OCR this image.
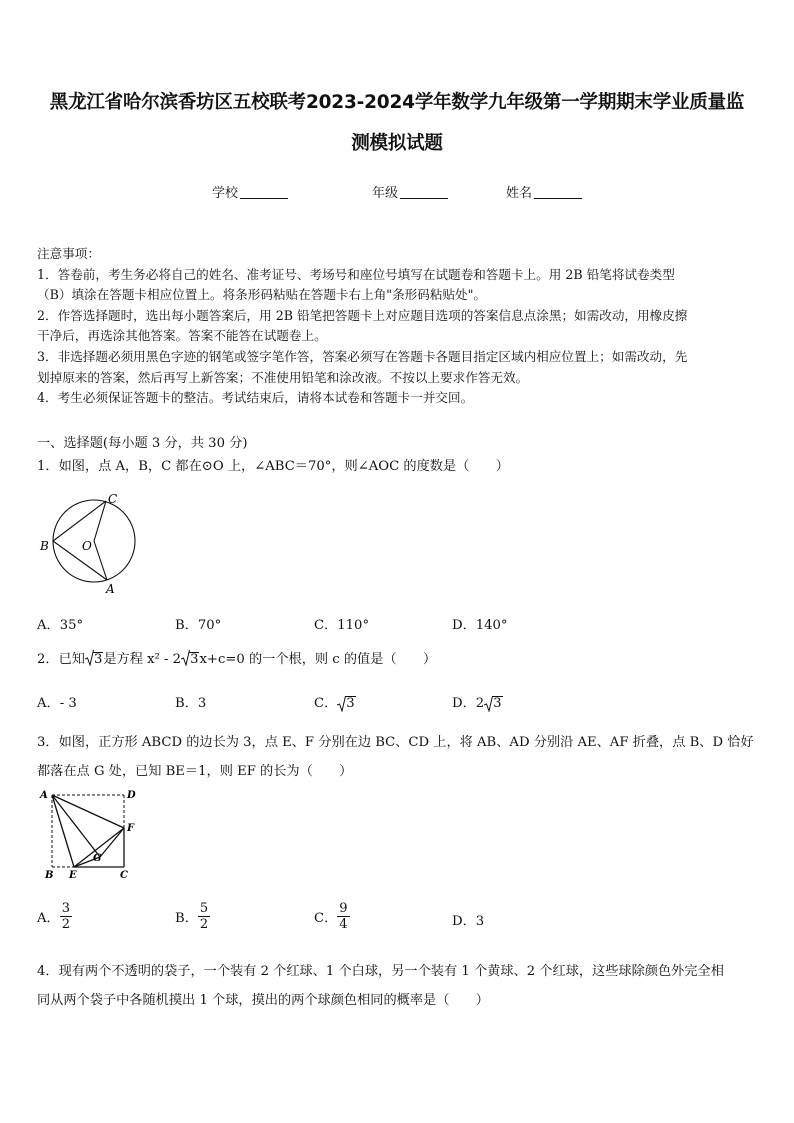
黑龙江省哈尔滨香坊区五校联考2023-2024学年数学九年级第一学期期末学业质量监
测模拟试题
学校	年级	姓名

注意事项：

1．答卷前，考生务必将自己的姓名、准考证号、考场号和座位号填写在试题卷和答题卡上。用 2B 铅笔将试卷类型

（B）填涂在答题卡相应位置上。将条形码粘贴在答题卡右上角"条形码粘贴处"。

2．作答选择题时，选出每小题答案后，用 2B 铅笔把答题卡上对应题目选项的答案信息点涂黑；如需改动，用橡皮擦

干净后，再选涂其他答案。答案不能答在试题卷上。

3．非选择题必须用黑色字迹的钢笔或签字笔作答，答案必须写在答题卡各题目指定区域内相应位置上；如需改动，先

划掉原来的答案，然后再写上新答案；不准使用铅笔和涂改液。不按以上要求作答无效。

4．考生必须保证答题卡的整洁。考试结束后，请将本试卷和答题卡一并交回。

一、选择题(每小题 3 分，共 30 分)
1．如图，点 A，B，C 都在⊙O 上，∠ABC＝70°，则∠AOC 的度数是（　　）
C
B	O
A
A．35°	B．70°	C．110°	D．140°
2．已知 3是方程 x² - 2 3x+c=0 的一个根，则 c 的值是（　　）
A．- 3	B．3	C． 3	D．2 3
3．如图，正方形 ABCD 的边长为 3，点 E、F 分别在边 BC、CD 上，将 AB、AD 分别沿 AE、AF 折叠，点 B、D 恰好
都落在点 G 处，已知 BE＝1，则 EF 的长为（　　）
A	D
F
G
B E	C
A． $\frac{3}{2}$	B． $\frac{5}{2}$	C． $\frac{9}{4}$	D．3
4．现有两个不透明的袋子，一个装有 2 个红球、1 个白球，另一个装有 1 个黄球、2 个红球，这些球除颜色外完全相
同从两个袋子中各随机摸出 1 个球，摸出的两个球颜色相同的概率是（　　）
